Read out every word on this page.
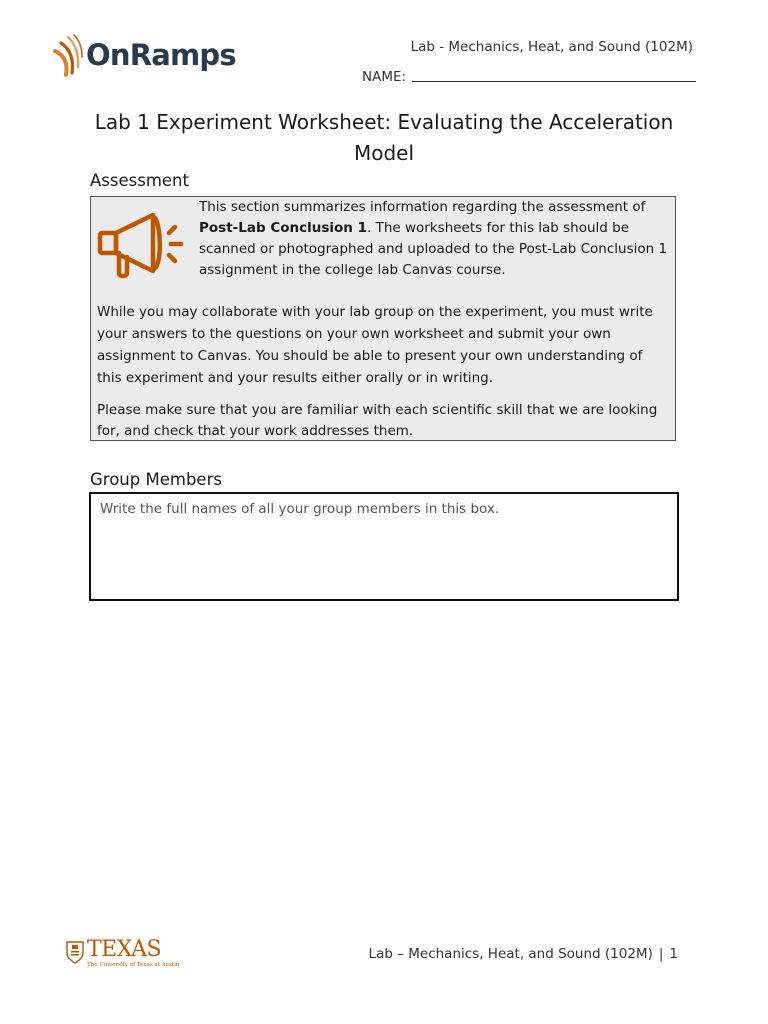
OnRamps	Lab - Mechanics, Heat, and Sound (102M)
NAME:
Lab 1 Experiment Worksheet: Evaluating the Acceleration Model
Assessment

This section summarizes information regarding the assessment of Post-Lab Conclusion 1. The worksheets for this lab should be scanned or photographed and uploaded to the Post-Lab Conclusion 1 assignment in the college lab Canvas course.

While you may collaborate with your lab group on the experiment, you must write your answers to the questions on your own worksheet and submit your own assignment to Canvas. You should be able to present your own understanding of this experiment and your results either orally or in writing.

Please make sure that you are familiar with each scientific skill that we are looking for, and check that your work addresses them.

Group Members
Write the full names of all your group members in this box.
TEXAS
The University of Texas at Austin
Lab – Mechanics, Heat, and Sound (102M) | 1
